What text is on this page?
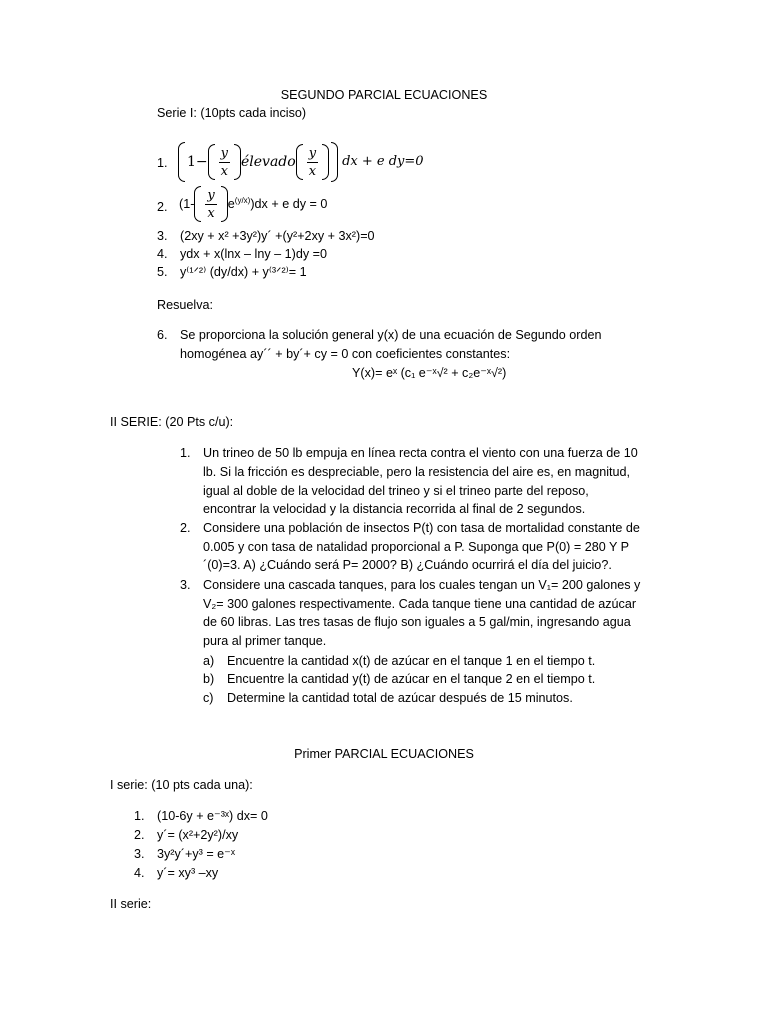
SEGUNDO PARCIAL ECUACIONES
Serie I: (10pts cada inciso)
1. $1- \frac{y}{x}$ élevado $\frac{y}{x}$ dx + e dy=0
2. ($1- \frac{y}{x}$ e (y/x) )dx + e dy = 0
3. (2xy + x² +3y²)y´ +(y²+2xy + 3x²)=0
4. ydx + x(lnx – lny – 1)dy =0
5. y⁽¹ᐟ²⁾ (dy/dx) + y⁽³ᐟ²⁾= 1
Resuelva:
6. Se proporciona la solución general y(x) de una ecuación de Segundo orden
homogénea ay´´ + by´+ cy = 0 con coeficientes constantes:
Y(x)= eˣ (c₁ e⁻ˣ√² + c₂e⁻ˣ√²)
II SERIE: (20 Pts c/u):
1. Un trineo de 50 lb empuja en línea recta contra el viento con una fuerza de 10
lb. Si la fricción es despreciable, pero la resistencia del aire es, en magnitud,
igual al doble de la velocidad del trineo y si el trineo parte del reposo,
encontrar la velocidad y la distancia recorrida al final de 2 segundos.
2. Considere una población de insectos P(t) con tasa de mortalidad constante de
0.005 y con tasa de natalidad proporcional a P. Suponga que P(0) = 280 Y P
´(0)=3. A) ¿Cuándo será P= 2000? B) ¿Cuándo ocurrirá el día del juicio?.
3. Considere una cascada tanques, para los cuales tengan un V₁= 200 galones y
V₂= 300 galones respectivamente. Cada tanque tiene una cantidad de azúcar
de 60 libras. Las tres tasas de flujo son iguales a 5 gal/min, ingresando agua
pura al primer tanque.
a) Encuentre la cantidad x(t) de azúcar en el tanque 1 en el tiempo t.
b) Encuentre la cantidad y(t) de azúcar en el tanque 2 en el tiempo t.
c) Determine la cantidad total de azúcar después de 15 minutos.
Primer PARCIAL ECUACIONES
I serie: (10 pts cada una):
1. (10-6y + e⁻³ˣ) dx= 0
2. y´= (x²+2y²)/xy
3. 3y²y´+y³ = e⁻ˣ
4. y´= xy³ –xy
II serie:
